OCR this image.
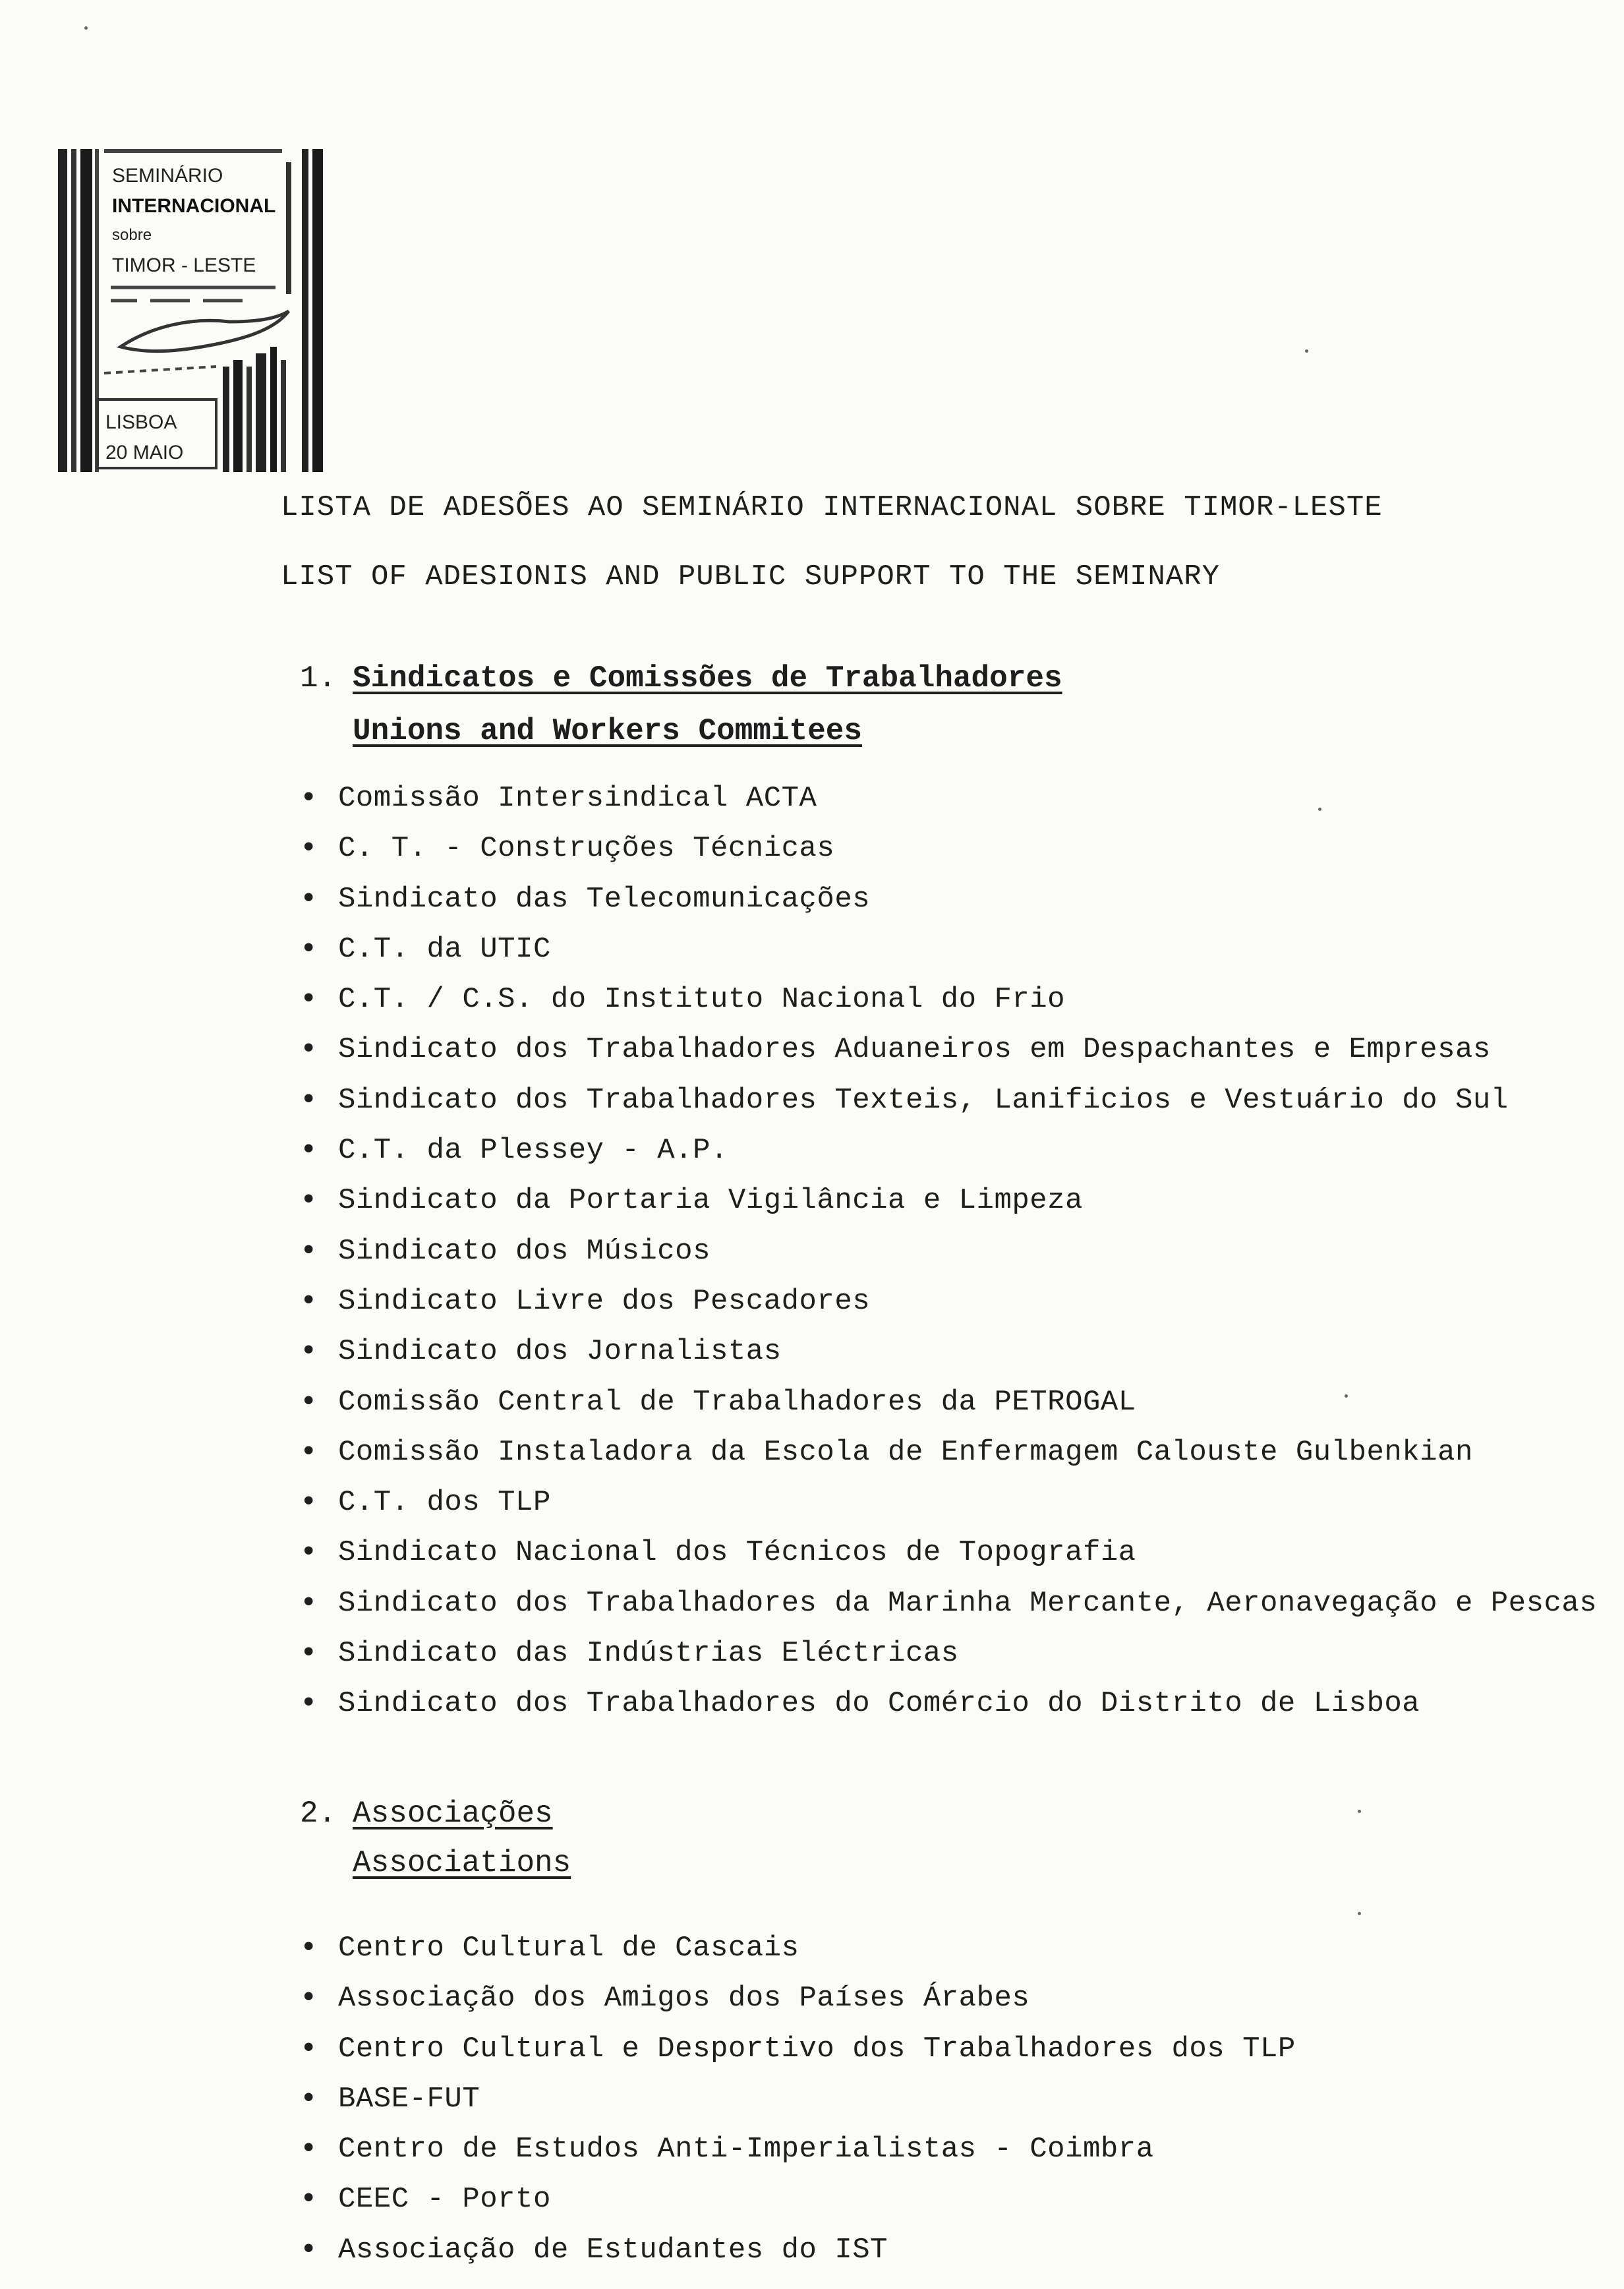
SEMINÁRIO
INTERNACIONAL
sobre
TIMOR - LESTE
LISBOA
20 MAIO
LISTA DE ADESÕES AO SEMINÁRIO INTERNACIONAL SOBRE TIMOR-LESTE
LIST OF ADESIONIS AND PUBLIC SUPPORT TO THE SEMINARY
1. Sindicatos e Comissões de Trabalhadores
Unions and Workers Commitees
• Comissão Intersindical ACTA
• C. T. - Construções Técnicas
• Sindicato das Telecomunicações
• C.T. da UTIC
• C.T. / C.S. do Instituto Nacional do Frio
• Sindicato dos Trabalhadores Aduaneiros em Despachantes e Empresas
• Sindicato dos Trabalhadores Texteis, Lanificios e Vestuário do Sul
• C.T. da Plessey - A.P.
• Sindicato da Portaria Vigilância e Limpeza
• Sindicato dos Músicos
• Sindicato Livre dos Pescadores
• Sindicato dos Jornalistas
• Comissão Central de Trabalhadores da PETROGAL
• Comissão Instaladora da Escola de Enfermagem Calouste Gulbenkian
• C.T. dos TLP
• Sindicato Nacional dos Técnicos de Topografia
• Sindicato dos Trabalhadores da Marinha Mercante, Aeronavegação e Pescas
• Sindicato das Indústrias Eléctricas
• Sindicato dos Trabalhadores do Comércio do Distrito de Lisboa
2. Associações
Associations
• Centro Cultural de Cascais
• Associação dos Amigos dos Países Árabes
• Centro Cultural e Desportivo dos Trabalhadores dos TLP
• BASE-FUT
• Centro de Estudos Anti-Imperialistas - Coimbra
• CEEC - Porto
• Associação de Estudantes do IST
